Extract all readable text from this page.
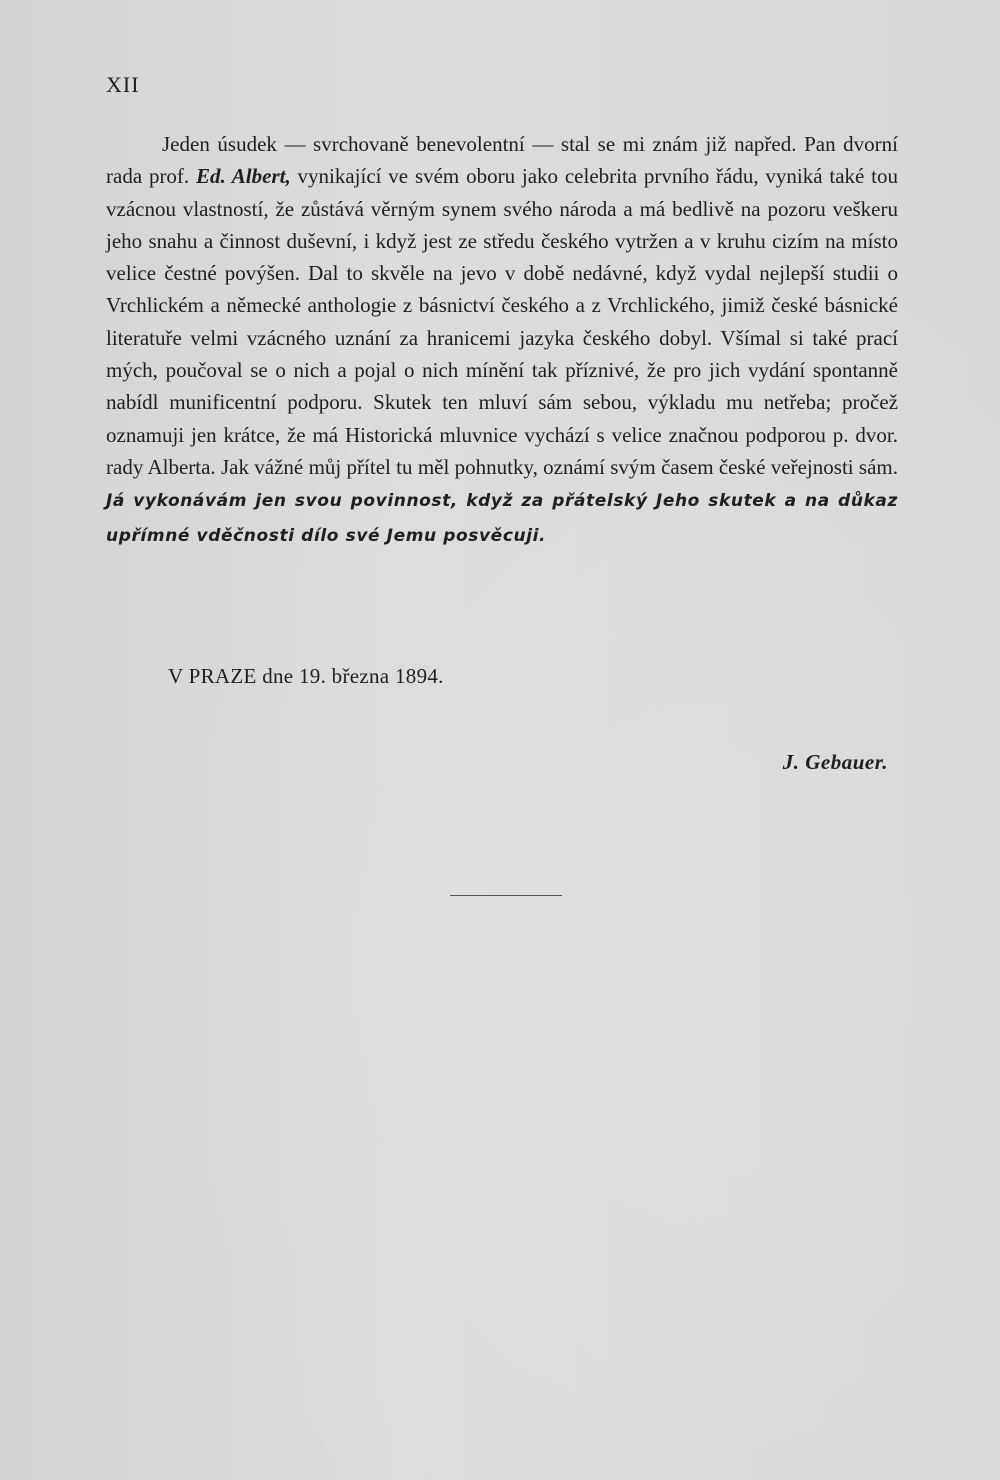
XII

Jeden úsudek — svrchovaně benevolentní — stal se mi znám již napřed. Pan dvorní rada prof. Ed. Albert, vynikající ve svém oboru jako celebrita prvního řádu, vyniká také tou vzácnou vlastností, že zůstává věrným synem svého národa a má bedlivě na pozoru veškeru jeho snahu a činnost duševní, i když jest ze středu českého vytržen a v kruhu cizím na místo velice čestné povýšen. Dal to skvěle na jevo v době nedávné, když vydal nejlepší studii o Vrchlickém a německé anthologie z básnictví českého a z Vrchlického, jimiž české básnické literatuře velmi vzácného uznání za hranicemi jazyka českého dobyl. Všímal si také prací mých, poučoval se o nich a pojal o nich mínění tak příznivé, že pro jich vydání spontanně nabídl munificentní podporu. Skutek ten mluví sám sebou, výkladu mu netřeba; pročež oznamuji jen krátce, že má Historická mluvnice vychází s velice značnou podporou p. dvor. rady Alberta. Jak vážné můj přítel tu měl pohnutky, oznámí svým časem české veřejnosti sám. Já vykonávám jen svou povinnost, když za přátelský Jeho skutek a na důkaz upřímné vděčnosti dílo své Jemu posvěcuji.

V PRAZE dne 19. března 1894.
J. Gebauer.
